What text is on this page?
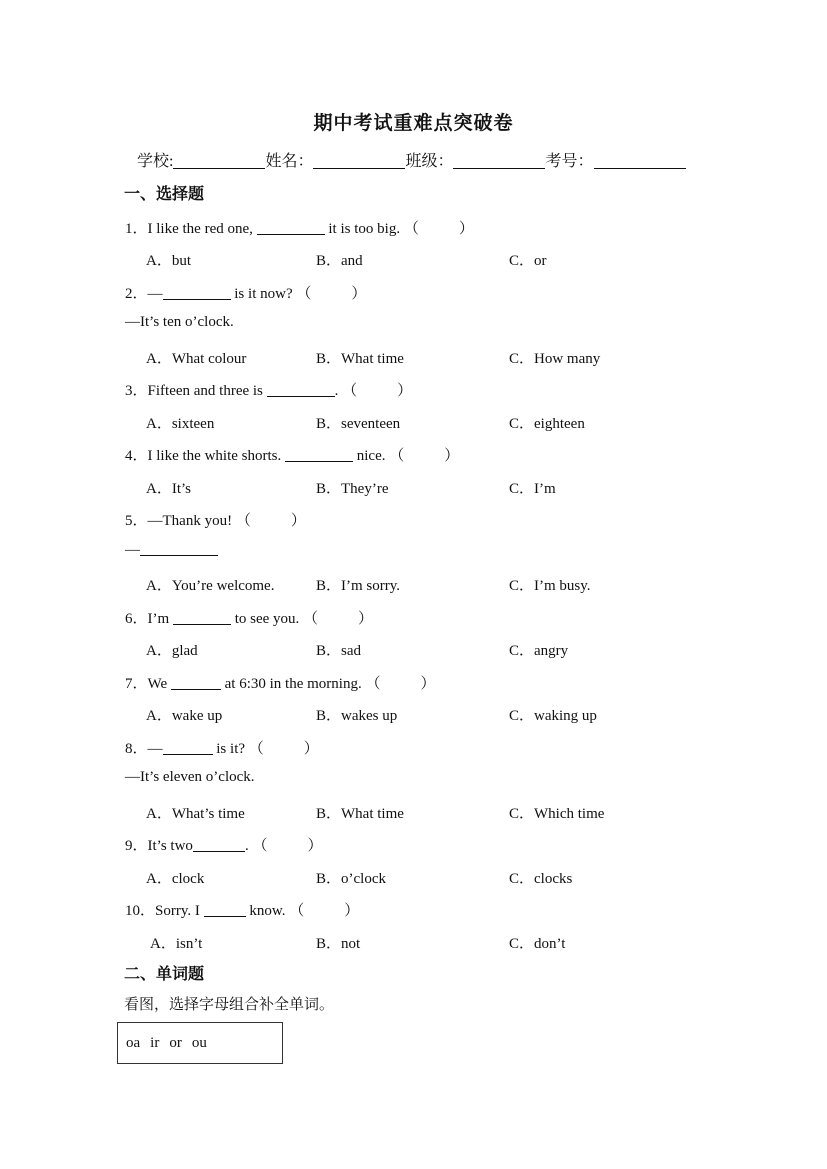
期中考试重难点突破卷
学校:	姓名：	班级：	考号：
一、选择题
1．I like the red one,	it is too big. （	）
A．but	B．and	C．or
2．—	is it now? （	）
—It’s ten o’clock.
A．What colour	B．What time	C．How many
3．Fifteen and three is	. （	）
A．sixteen	B．seventeen	C．eighteen
4．I like the white shorts.	nice. （	）
A．It’s	B．They’re	C．I’m
5．—Thank you! （	）
—
A．You’re welcome.	B．I’m sorry.	C．I’m busy.
6．I’m	to see you. （	）
A．glad	B．sad	C．angry
7．We	at 6:30 in the morning. （	）
A．wake up	B．wakes up	C．waking up
8．—	is it? （	）
—It’s eleven o’clock.
A．What’s time	B．What time	C．Which time
9．It’s two	. （	）
A．clock	B．o’clock	C．clocks
10．Sorry. I	know. （	）
A．isn’t	B．not	C．don’t
二、单词题
看图，选择字母组合补全单词。
oa ir or ou
